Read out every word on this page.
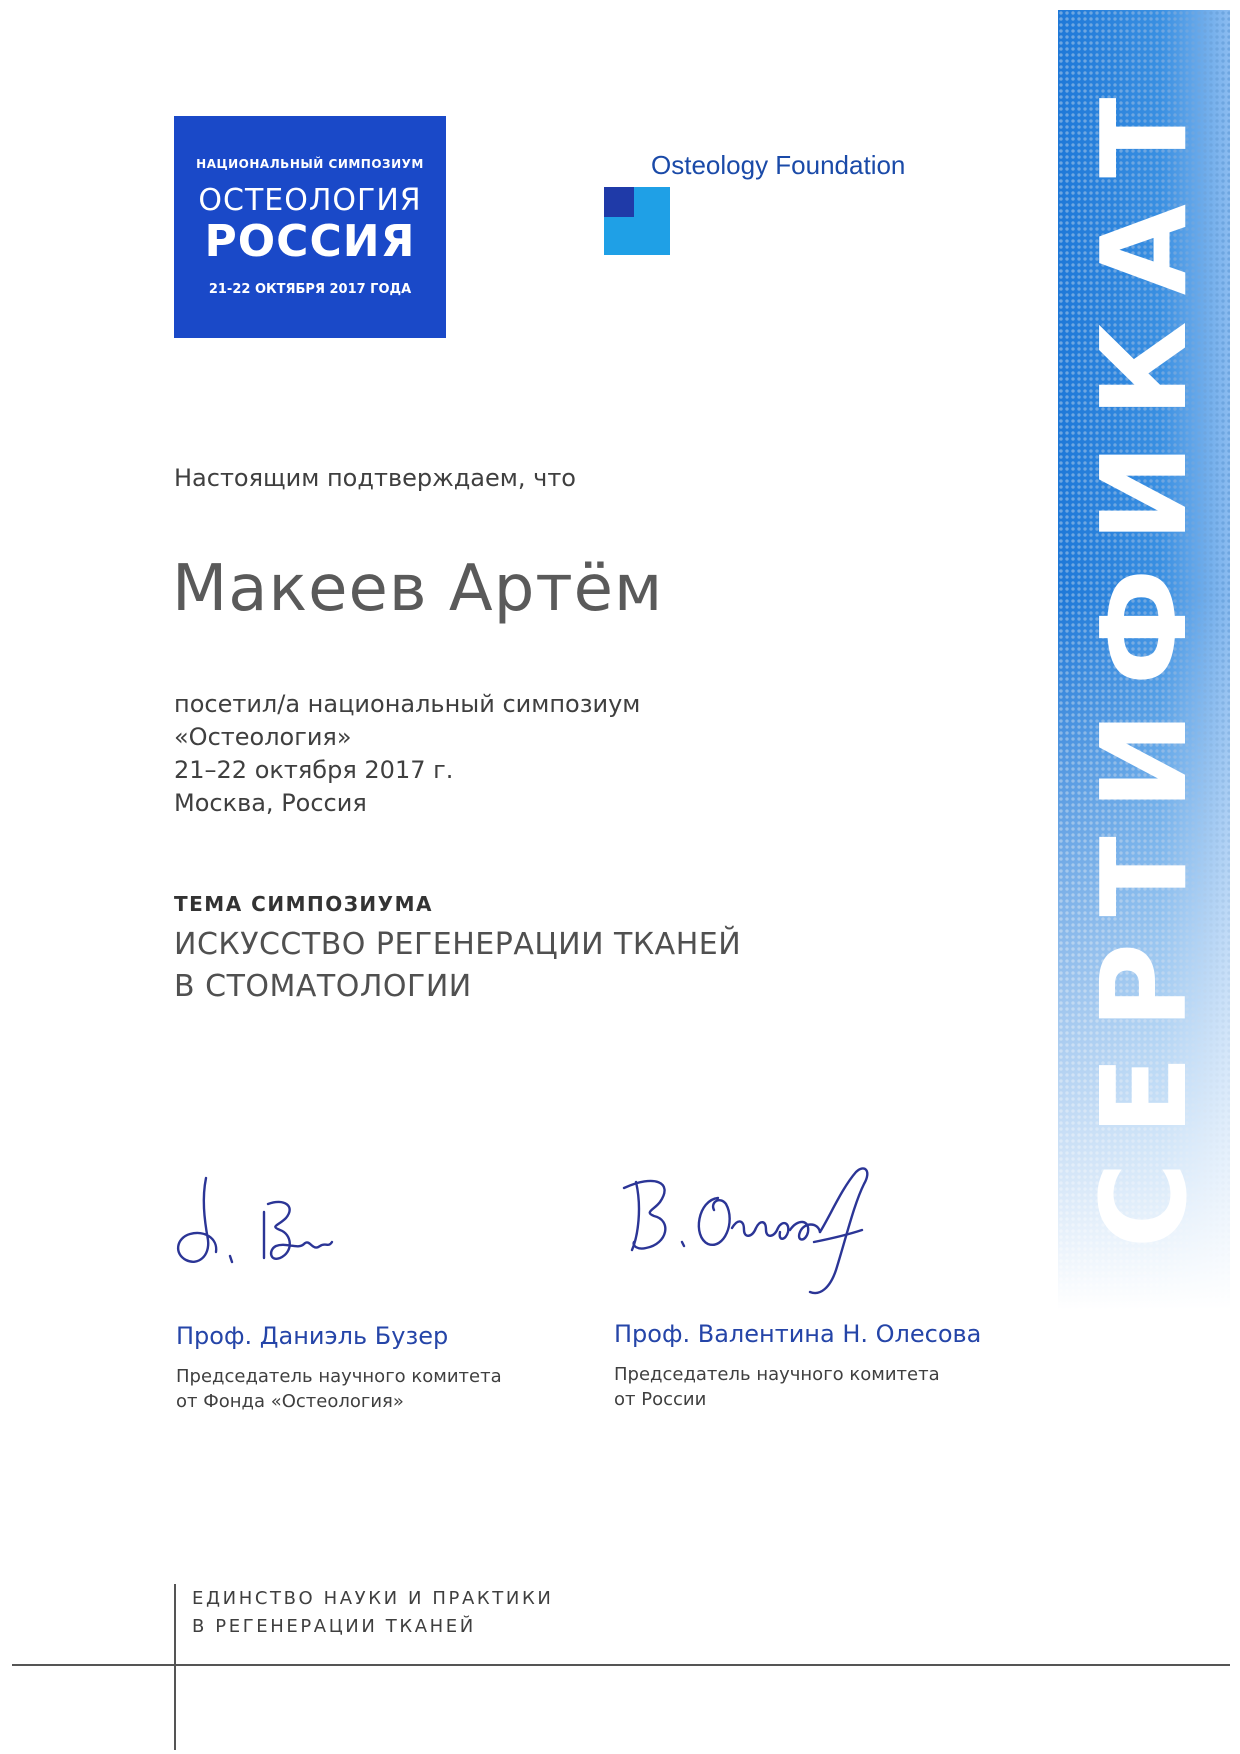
СЕРТИФИКАТ
НАЦИОНАЛЬНЫЙ СИМПОЗИУМ
ОСТЕОЛОГИЯ
РОССИЯ
21-22 ОКТЯБРЯ 2017 ГОДА
Osteology Foundation
Настоящим подтверждаем, что
Макеев Артём
посетил/а национальный симпозиум
«Остеология»
21–22 октября 2017 г.
Москва, Россия
ТЕМА СИМПОЗИУМА
ИСКУССТВО РЕГЕНЕРАЦИИ ТКАНЕЙ
В СТОМАТОЛОГИИ
Проф. Даниэль Бузер
Председатель научного комитета
от Фонда «Остеология»
Проф. Валентина Н. Олесова
Председатель научного комитета
от России
ЕДИНСТВО НАУКИ И ПРАКТИКИ
В РЕГЕНЕРАЦИИ ТКАНЕЙ
